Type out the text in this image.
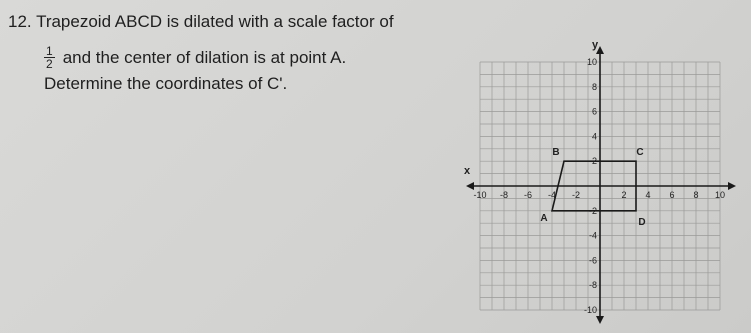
12. Trapezoid ABCD is dilated with a scale factor of
$\frac{1}{2}$ and the center of dilation is at point A.
Determine the coordinates of C'.
x
y
-10 -8 -6 -4 -2	2 4 6 8 10
10
8
6
4
2
-2
-4
-6
-8
-10
A
B	C
D
